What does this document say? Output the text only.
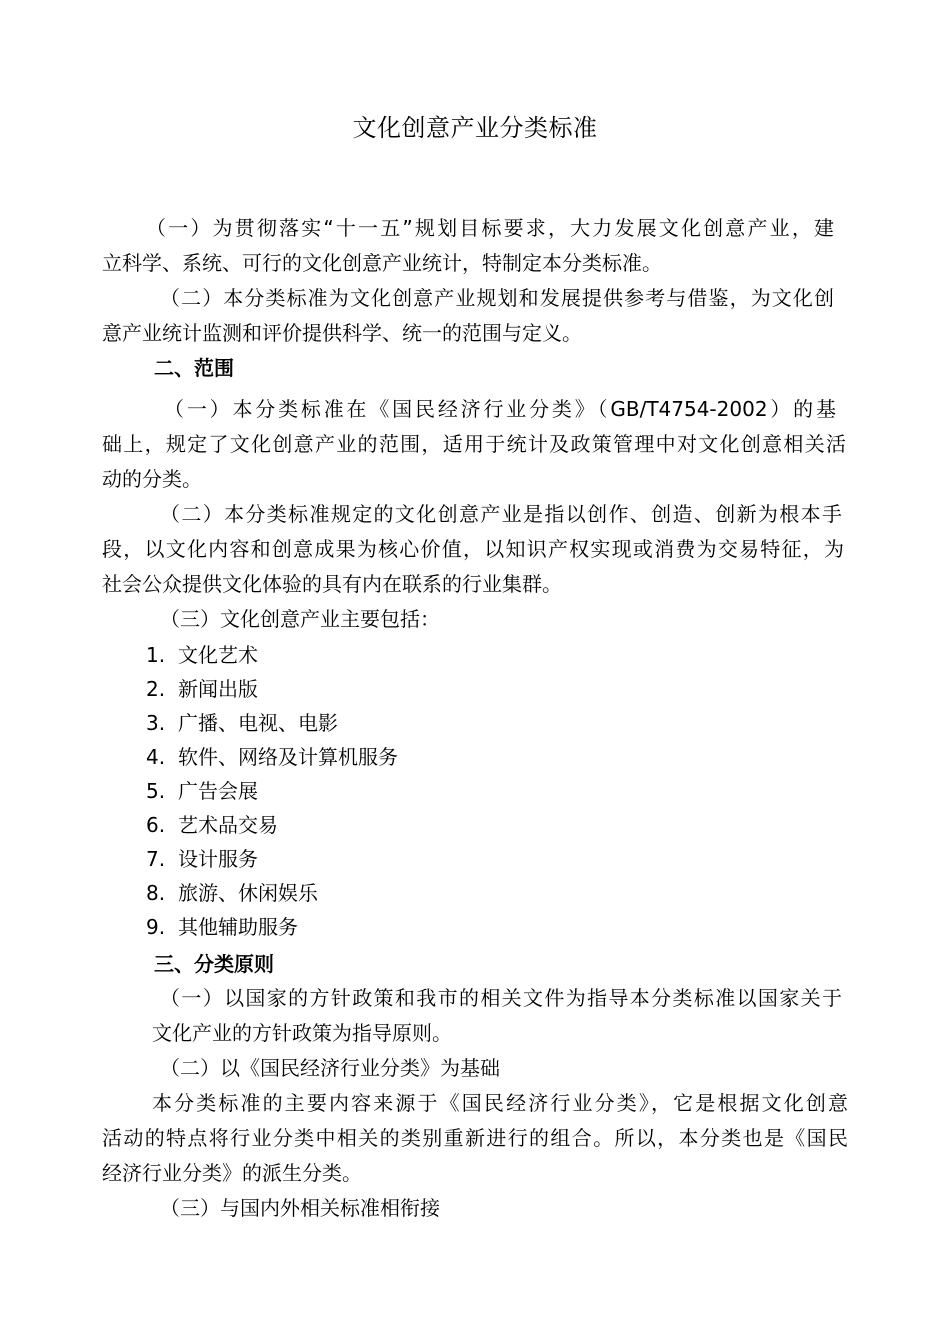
文化创意产业分类标准

（一）为贯彻落实“十一五”规划目标要求，大力发展文化创意产业，建

立科学、系统、可行的文化创意产业统计，特制定本分类标准。

（二）本分类标准为文化创意产业规划和发展提供参考与借鉴，为文化创

意产业统计监测和评价提供科学、统一的范围与定义。

二、范围

（一）本分类标准在《国民经济行业分类》（GB/T4754-2002）的基

础上，规定了文化创意产业的范围，适用于统计及政策管理中对文化创意相关活

动的分类。

（二）本分类标准规定的文化创意产业是指以创作、创造、创新为根本手

段，以文化内容和创意成果为核心价值，以知识产权实现或消费为交易特征，为

社会公众提供文化体验的具有内在联系的行业集群。

（三）文化创意产业主要包括：

1. 文化艺术
2. 新闻出版
3. 广播、电视、电影
4. 软件、网络及计算机服务
5. 广告会展
6. 艺术品交易
7. 设计服务
8. 旅游、休闲娱乐
9. 其他辅助服务

三、分类原则

（一）以国家的方针政策和我市的相关文件为指导本分类标准以国家关于

文化产业的方针政策为指导原则。

（二）以《国民经济行业分类》为基础

本分类标准的主要内容来源于《国民经济行业分类》，它是根据文化创意

活动的特点将行业分类中相关的类别重新进行的组合。所以，本分类也是《国民

经济行业分类》的派生分类。

（三）与国内外相关标准相衔接
